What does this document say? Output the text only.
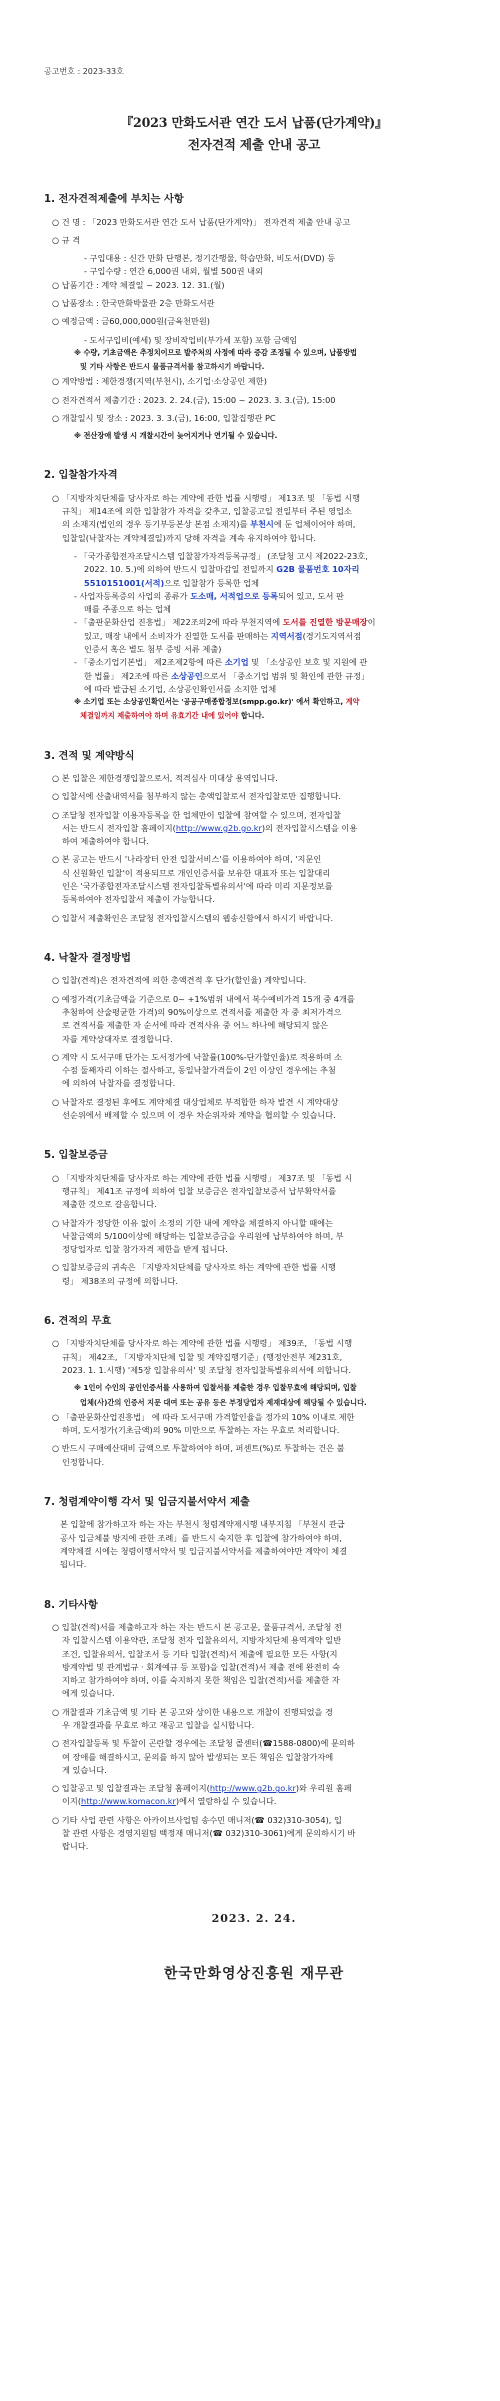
공고번호 : 2023-33호
『2023 만화도서관 연간 도서 납품(단가계약)』
전자견적 제출 안내 공고
1. 전자견적제출에 부치는 사항
○ 건 명 : 「2023 만화도서관 연간 도서 납품(단가계약)」 전자견적 제출 안내 공고
○ 규 격
- 구입대용 : 신간 만화 단행본, 정기간행물, 학습만화, 비도서(DVD) 등
- 구입수량 : 연간 6,000권 내외, 월별 500권 내외
○ 납품기간 : 계약 체결일 ~ 2023. 12. 31.(월)
○ 납품장소 : 한국만화박물관 2층 만화도서관
○ 예정금액 : 금60,000,000원(금육천만원)
- 도서구입비(예세) 및 장비작업비(부가세 포함) 포함 금액임
※ 수량, 기초금액은 추정치이므로 발주처의 사정에 따라 증감 조정될 수 있으며, 납품방법
및 기타 사항은 반드시 물품규격서를 참고하시기 바랍니다.
○ 계약방법 : 제한경쟁(지역(부천시), 소기업·소상공인 제한)
○ 전자견적서 제출기간 : 2023. 2. 24.(금), 15:00 ~ 2023. 3. 3.(금), 15:00
○ 개찰일시 및 장소 : 2023. 3. 3.(금), 16:00, 입찰집행관 PC
※ 전산장애 발생 시 개찰시간이 늦어지거나 연기될 수 있습니다.
2. 입찰참가자격
○ 「지방자치단체를 당사자로 하는 계약에 관한 법률 시행령」 제13조 및 「동법 시행
규칙」 제14조에 의한 입찰참가 자격을 갖추고, 입찰공고일 전일부터 주된 영업소
의 소재지(법인의 경우 등기부등본상 본점 소재지)를 부천시에 둔 업체이어야 하며,
입찰일(낙찰자는 계약체결일)까지 당해 자격을 계속 유지하여야 합니다.
- 「국가종합전자조달시스템 입찰참가자격등록규정」 (조달청 고시 제2022-23호,
2022. 10. 5.)에 의하여 반드시 입찰마감일 전일까지 G2B 물품번호 10자리
5510151001(서적)으로 입찰참가 등록한 업체
- 사업자등록증의 사업의 종류가 도소매, 서적업으로 등록되어 있고, 도서 판
매를 주종으로 하는 업체
- 「출판문화산업 진흥법」 제22조의2에 따라 부천지역에 도서를 진열한 방문매장이
있고, 매장 내에서 소비자가 진열한 도서를 판매하는 지역서점(경기도지역서점
인증서 혹은 별도 첨부 증빙 서류 제출)
- 「중소기업기본법」 제2조제2항에 따른 소기업 및 「소상공인 보호 및 지원에 관
한 법률」 제2조에 따른 소상공인으로서 「중소기업 범위 및 확인에 관한 규정」
에 따라 발급된 소기업, 소상공인확인서를 소지한 업체
※ 소기업 또는 소상공인확인서는 '공공구매종합정보(smpp.go.kr)' 에서 확인하고, 계약
체결일까지 제출하여야 하며 유효기간 내에 있어야 합니다.
3. 견적 및 계약방식
○ 본 입찰은 제한경쟁입찰으로서, 적격심사 미대상 용역입니다.
○ 입찰서에 산출내역서를 첨부하지 않는 총액입찰로서 전자입찰로만 집행합니다.
○ 조달청 전자입찰 이용자등록을 한 업체만이 입찰에 참여할 수 있으며, 전자입찰
서는 반드시 전자입찰 홈페이지(http://www.g2b.go.kr)의 전자입찰시스템을 이용
하여 제출하여야 합니다.
○ 본 공고는 반드시 '나라장터 안전 입찰서비스'를 이용하여야 하며, '지문인
식 신원확인 입찰'이 적용되므로 개인인증서를 보유한 대표자 또는 입찰대리
인은 '국가종합전자조달시스템 전자입찰특별유의서'에 따라 미리 지문정보를
등록하여야 전자입찰서 제출이 가능합니다.
○ 입찰서 제출확인은 조달청 전자입찰시스템의 웹송신함에서 하시기 바랍니다.
4. 낙찰자 결정방법
○ 입찰(견적)은 전자견적에 의한 총액견적 후 단가(할인율) 계약입니다.
○ 예정가격(기초금액을 기준으로 0~ +1%범위 내에서 복수예비가격 15개 중 4개를
추첨하여 산술평균한 가격)의 90%이상으로 견적서를 제출한 자 중 최저가격으
로 견적서를 제출한 자 순서에 따라 견적사유 중 어느 하나에 해당되지 않은
자를 계약상대자로 결정합니다.
○ 계약 시 도서구매 단가는 도서정가에 낙찰률(100%-단가할인율)로 적용하며 소
수점 둘째자리 이하는 절사하고, 동일낙찰가격들이 2인 이상인 경우에는 추첨
에 의하여 낙찰자를 결정합니다.
○ 낙찰자로 결정된 후에도 계약체결 대상업체로 부적합한 하자 발견 시 계약대상
선순위에서 배제할 수 있으며 이 경우 차순위자와 계약을 협의할 수 있습니다.
5. 입찰보증금
○ 「지방자치단체를 당사자로 하는 계약에 관한 법률 시행령」 제37조 및 「동법 시
행규칙」 제41조 규정에 의하여 입찰 보증금은 전자입찰보증서 납부확약서를
제출한 것으로 갈음합니다.
○ 낙찰자가 정당한 이유 없이 소정의 기한 내에 계약을 체결하지 아니할 때에는
낙찰금액의 5/100이상에 해당하는 입찰보증금을 우리원에 납부하여야 하며, 부
정당업자로 입찰 참가자격 제한을 받게 됩니다.
○ 입찰보증금의 귀속은 「지방자치단체를 당사자로 하는 계약에 관한 법률 시행
령」 제38조의 규정에 의합니다.
6. 견적의 무효
○ 「지방자치단체를 당사자로 하는 계약에 관한 법률 시행령」 제39조, 「동법 시행
규칙」 제42조, 「지방자치단체 입찰 및 계약집행기준」(행정안전부 제231호,
2023. 1. 1.시행) '제5장 입찰유의서' 및 조달청 전자입찰특별유의서에 의합니다.
※ 1인이 수인의 공인인증서를 사용하여 입찰서를 제출한 경우 입찰무효에 해당되며, 입찰
업체(사)간의 인증서 지문 대여 또는 공유 등은 부정당업자 제재대상에 해당될 수 있습니다.
○ 「출판문화산업진흥법」 에 따라 도서구매 가격할인율을 정가의 10% 이내로 제한
하며, 도서정가(기초금액)의 90% 미만으로 투찰하는 자는 무효로 처리합니다.
○ 반드시 구매예산대비 금액으로 투찰하여야 하며, 퍼센트(%)로 투찰하는 건은 불
인정합니다.
7. 청렴계약이행 각서 및 입금지불서약서 제출
본 입찰에 참가하고자 하는 자는 부천시 청렴계약제시행 내부지침 「부천시 관급
공사 입금체불 방지에 관한 조례」를 반드시 숙지한 후 입찰에 참가하여야 하며,
계약체결 시에는 청렴이행서약서 및 입금지불서약서를 제출하여야만 계약이 체결
됩니다.
8. 기타사항
○ 입찰(견적)서를 제출하고자 하는 자는 반드시 본 공고문, 물품규격서, 조달청 전
자 입찰시스템 이용약관, 조달청 전자 입찰유의서, 지방자치단체 용역계약 일반
조건, 입찰유의서, 입찰조서 등 기타 입찰(견적)서 제출에 필요한 모든 사항(지
방계약법 및 관계법규 · 회계예규 등 포함)을 입찰(견적)서 제출 전에 완전히 숙
지하고 참가하여야 하며, 이를 숙지하지 못한 책임은 입찰(견적)서를 제출한 자
에게 있습니다.
○ 개찰결과 기초금액 및 기타 본 공고와 상이한 내용으로 개찰이 진행되었을 경
우 개찰결과를 무효로 하고 재공고 입찰을 실시합니다.
○ 전자입찰등록 및 투찰이 곤란할 경우에는 조달청 콜센터(☎1588-0800)에 문의하
여 장애를 해결하시고, 문의를 하지 않아 발생되는 모든 책임은 입찰참가자에
게 있습니다.
○ 입찰공고 및 입찰결과는 조달청 홈페이지(http://www.g2b.go.kr)와 우리원 홈페
이지(http://www.komacon.kr)에서 열람하실 수 있습니다.
○ 기타 사업 관련 사항은 아카이브사업팀 송수민 매니저(☎ 032)310-3054), 입
찰 관련 사항은 경영지원팀 백정재 매니저(☎ 032)310-3061)에게 문의하시기 바
랍니다.
2023. 2. 24.
한국만화영상진흥원 재무관
